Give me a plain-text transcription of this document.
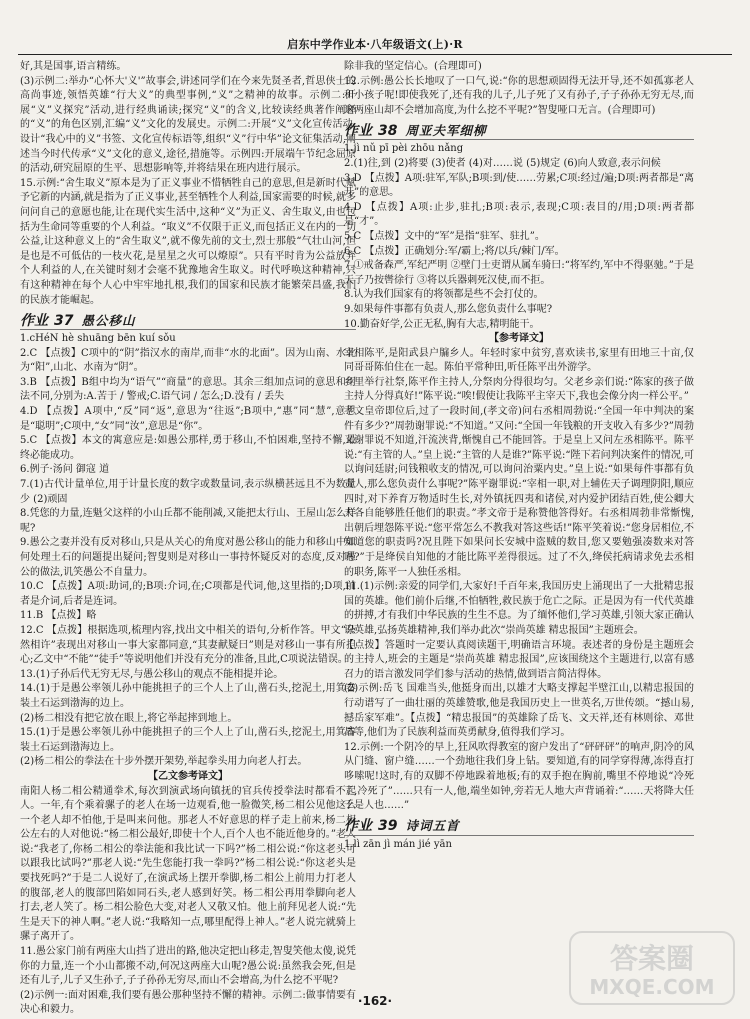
启东中学作业本·八年级语文(上)·R
好,其是国事,语言精练。
(3)示例二:举办“心怀大'义'”故事会,讲述同学们在今来先贤圣者,哲思侠士的高尚事迹,领悟英雄“行大义”的典型事例,“义”之精神的故事。示例二:开展“义”义探究”活动,进行经典诵读;探究“义”的含义,比较读经典著作阐释的“义”的角色区别,汇编“义”文化的发展史。示例二:开展“义”文化宣传活动,设计“我心中的义”书签、文化宣传标语等,组织“义”行中华”论文征集活动,阐述当今时代传承“义”文化的意义,途径,措施等。示例四:开展端午节纪念屈原的活动,研究屈原的生平、思想影响等,并将结果在班内进行展示。
15.示例:“舍生取义”原本是为了正义事业不惜牺牲自己的意思,但是新时代赋予它新的内涵,就是指为了正义事业,甚至牺牲个人利益,国家需要的时候,就多问问自己的意愿也能,让在现代实生活中,这种“义”为正义、舍生取义,由也包括为生命同等重要的个人利益。“取义”不仅限于正义,而包括正义在内的一切公益,让这种意义上的“舍生取义”,就不像先前的文士,烈士那般“气壮山河,但是也是不可低估的一枝火花,是星星之火可以燎原”。只有平时肯为公益放弃个人利益的人,在关键时刻才会毫不犹豫地舍生取义。时代呼唤这种精神,只有这种精神在每个人心中牢牢地扎根,我们的国家和民族才能繁荣昌盛,我们的民族才能崛起。
作业 37 愚公移山
1.cHéN hè shuāng bēn kuí sǒu
2.C 【点拨】C项中的“阴”指汉水的南岸,而非“水的北面”。因为山南、水北为“阳”,山北、水南为“阴”。
3.B 【点拨】B组中均为“语气”“商量”的意思。其余三组加点词的意思和用法不同,分别为:A.苦于 / 警戒;C.语气词 / 怎么;D.没有 / 丢失
4.D 【点拨】A项中,“反”同“返”,意思为“往返”;B项中,“惠”同“慧”,意思是“聪明”;C项中,“女”同“汝”,意思是“你”。
5.C 【点拨】本文的寓意应是:如愚公那样,勇于移山,不怕困难,坚持不懈,最终必能成功。
6.例子·汤问 御寇 道
7.(1)古代计量单位,用于计量长度的数字或数量词,表示纵横甚远且不为数量少 (2)顽固
8.凭您的力量,连魁父这样的小山丘都不能削减,又能把太行山、王屋山怎么样呢?
9.愚公之妻并没有反对移山,只是从关心的角度对愚公移山的能力和移山中如何处理土石的问题提出疑问;智叟则是对移山一事持怀疑反对的态度,反对愚公的做法,讥笑愚公不自量力。
10.C 【点拨】A项:助词,的;B项:介词,在;C项都是代词,他,这里指的;D项,前者是介词,后者是连词。
11.B 【点拨】略
12.C 【点拨】根据选项,梳理内容,找出文中相关的语句,分析作答。甲文“杂然相许”表现出对移山一事大家都同意,“其妻献疑曰”则是对移山一事有所担心;乙文中“不能”“徒手”等说明他们并没有充分的准备,且此,C项说法错误。
13.(1)子孙后代无穷无尽,与愚公移山的观点不能相提并论。
14.(1)于是愚公率领儿孙中能挑担子的三个人上了山,凿石头,挖泥土,用箕畚装土石运到渤海的边上。
(2)杨二相没有把它放在眼上,将它举起摔到地上。
15.(1)于是愚公率领儿孙中能挑担子的三个人上了山,凿石头,挖泥土,用箕畚装土石运到渤海边上。
(2)杨二相公的拳法在十步外摆开架势,举起拳头用力向老人打去。
【乙文参考译文】
南阳人杨二相公精通拳术,每次到演武场向镇抚的官兵传授拳法时都看不起人。一年,有个乘着骡子的老人在场一边观看,他一脸微笑,杨二相公见他这么一个老人却不怕他,于是叫来问他。那老人不好意思的样子走上前来,杨二相公左右的人对他说:“杨二相公最好,即使十个人,百个人也不能近他身的。”老人说:“我老了,你杨二相公的拳法能和我比试一下吗?”杨二相公说:“你这老头可以跟我比试吗?”那老人说:“先生您能打我一拳吗?”杨二相公说:“你这老头是要找死吗?”于是二人说好了,在演武场上摆开拳脚,杨二相公上前用力打老人的腹部,老人的腹部凹陷如同石头,老人感到好笑。杨二相公再用拳脚向老人打去,老人笑了。杨二相公脸色大变,对老人又敬又怕。他上前拜见老人说:“先生是天下的神人啊。”老人说:“我略知一点,哪里配得上神人。”老人说完就骑上骡子离开了。
11.愚公家门前有两座大山挡了进出的路,他决定把山移走,智叟笑他太傻,说凭你的力量,连一个小山都搬不动,何况这两座大山呢?愚公说:虽然我会死,但是还有儿子,儿子又生孙子,子子孙孙无穷尽,而山不会增高,为什么挖不平呢?
(2)示例一:面对困难,我们要有愚公那种坚持不懈的精神。示例二:做事情要有决心和毅力。
除非我的坚定信心。(合理即可)
12.示例:愚公长长地叹了一口气,说:“你的思想顽固得无法开导,还不如孤寡老人和小孩子呢!即使我死了,还有我的儿子,儿子死了又有孙子,子子孙孙无穷无尽,而这两座山却不会增加高度,为什么挖不平呢?”智叟哑口无言。(合理即可)
作业 38 周亚夫军细柳
1.jì nǔ pī pèi zhōu nǎng
2.(1)往,到 (2)将要 (3)使者 (4)对……说 (5)规定 (6)向人致意,表示问候
3.D 【点拨】A项:驻军,军队;B项:到/使……劳累;C项:经过/遍;D项:两者都是“离开”的意思。
4.D 【点拨】A项:止步,驻扎;B项:表示,表现;C项:表目的/用;D项:两者都是“才”。
5.C 【点拨】文中的“军”是指“驻军、驻扎”。
6.C 【点拨】正确划分:军/霸上;将/以兵/棘门/军。
7.①戒备森严,军纪严明 ②壁门士吏谓从属车骑曰:“将军约,军中不得驱驰。”于是天子乃按辔徐行 ③将以兵器刺死汉使,而不拒。
8.认为我们国家有的将领都是些不会打仗的。
9.如果每件事都有负责人,那么您负责什么事呢?
10.勤奋好学,公正无私,胸有大志,精明能干。
【参考译文】
宰相陈平,是阳武县户牖乡人。年轻时家中贫穷,喜欢读书,家里有田地三十亩,仅同哥哥陈伯住在一起。陈伯平常种田,听任陈平出外游学。
乡里举行社祭,陈平作主持人,分祭肉分得很均匀。父老乡亲们说:“陈家的孩子做主持人分得真好!”陈平说:“唉!假使让我陈平主宰天下,我也会像分肉一样公平。”
孝文皇帝即位后,过了一段时间,(孝文帝)问右丞相周勃说:“全国一年中判决的案件有多少?”周勃谢罪说:“不知道。”又问:“全国一年钱粮的开支收入有多少?”周勃又谢罪说不知道,汗流浃背,惭愧自己不能回答。于是皇上又问左丞相陈平。陈平说:“有主管的人。”皇上说:“主管的人是谁?”陈平说:“陛下若问判决案件的情况,可以询问廷尉;问钱粮收支的情况,可以询问治粟内史。”皇上说:“如果每件事都有负责人,那么您负责什么事呢?”陈平谢罪说:“宰相一职,对上辅佐天子调理阴阳,顺应四时,对下养育万物适时生长,对外镇抚四夷和诸侯,对内爱护团结百姓,使公卿大夫各自能够胜任他们的职责。”孝文帝于是称赞他答得好。右丞相周勃非常惭愧,出朝后埋怨陈平说:“您平常怎么不教我对答这些话!”陈平笑着说:“您身居相位,不知道您的职责吗?况且陛下如果问长安城中盗贼的数目,您又要勉强凑数来对答吗?”于是绛侯自知他的才能比陈平差得很远。过了不久,绛侯托病请求免去丞相的职务,陈平一人独任丞相。
11.(1)示例:亲爱的同学们,大家好!千百年来,我国历史上涌现出了一大批精忠报国的英雄。他们前仆后继,不怕牺牲,救民族于危亡之际。正是因为有一代代英雄的拼搏,才有我们中华民族的生生不息。为了缅怀他们,学习英雄,引领大家正确认识英雄,弘扬英雄精神,我们举办此次“崇尚英雄 精忠报国”主题班会。
【点拨】答题时一定要认真阅读题干,明确语言环境。表述者的身份是主题班会的主持人,班会的主题是“崇尚英雄 精忠报国”,应该围绕这个主题进行,以富有感召力的语言激发同学们参与活动的热情,做到语言简洁得体。
(2)示例:岳飞 国难当头,他挺身而出,以雄才大略支撑起半壁江山,以精忠报国的行动谱写了一曲壮丽的英雄赞歌,他是我国历史上一世英名,万世传颂。“撼山易,撼岳家军难”。【点拨】“精忠报国”的英雄除了岳飞、文天祥,还有林则徐、邓世昌等,他们为了民族利益而英勇献身,值得我们学习。
12.示例:一个阴冷的早上,狂风吹得教室的窗户发出了“砰砰砰”的响声,阴冷的风从门缝、窗户缝……一个劲地往我们身上钻。要知道,有的同学穿得薄,冻得直打哆嗦呢!这时,有的双脚不停地跺着地板;有的双手抱在胸前,嘴里不停地说“冷死了,冷死了”……只有一人,他,端坐如钟,旁若无人地大声背诵着:“……天将降大任于是人也……”
作业 39 诗词五首
1.lì zān jì mán jié yān
·162·
答案圈
MXQE.COM
